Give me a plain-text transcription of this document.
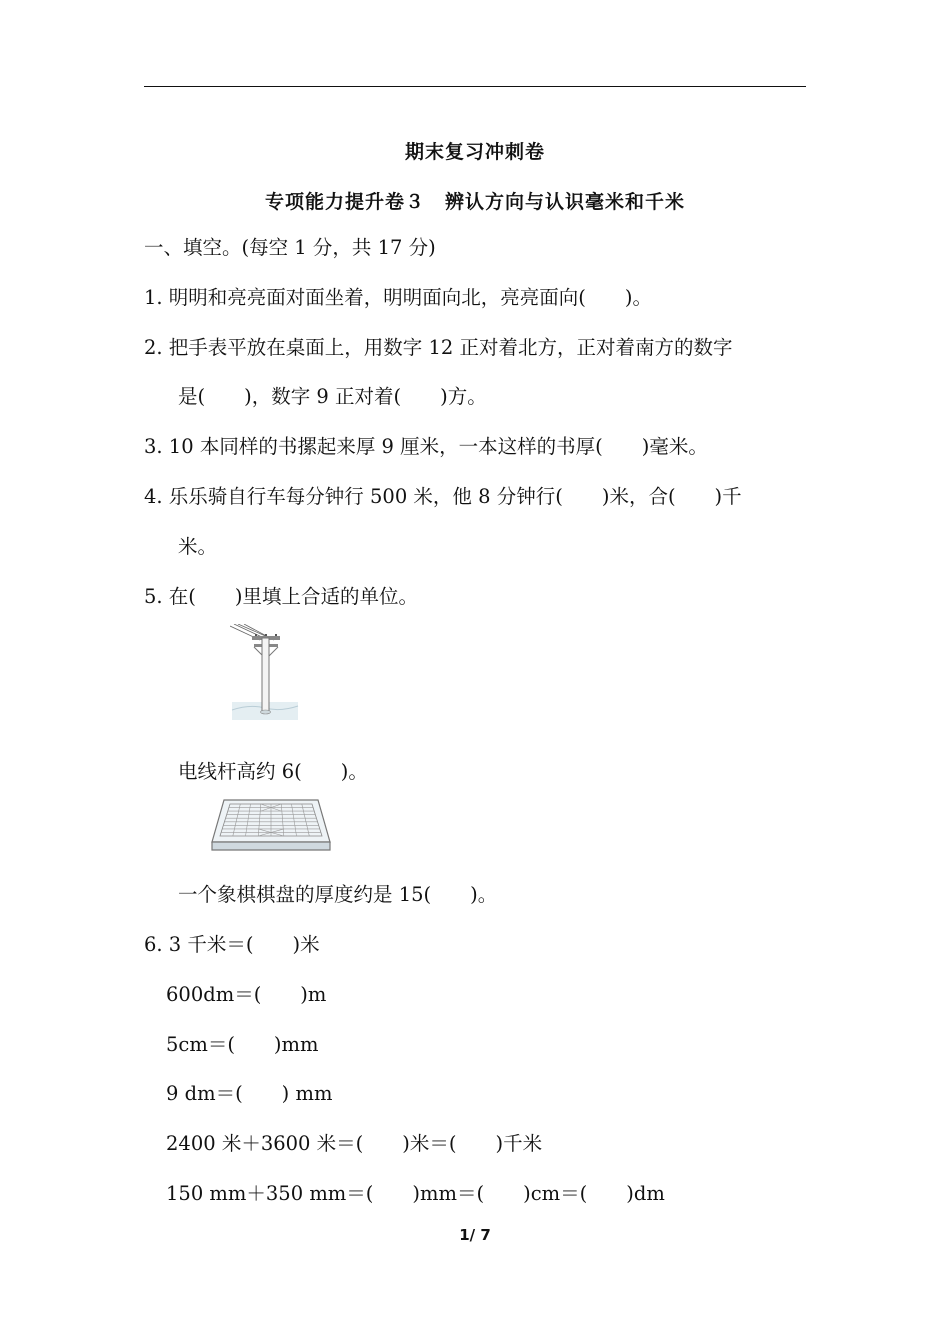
期末复习冲刺卷
专项能力提升卷３　辨认方向与认识毫米和千米
一、填空。(每空 1 分，共 17 分)
1. 明明和亮亮面对面坐着，明明面向北，亮亮面向(　　)。
2. 把手表平放在桌面上，用数字 12 正对着北方，正对着南方的数字
是(　　)，数字 9 正对着(　　)方。
3. 10 本同样的书摞起来厚 9 厘米，一本这样的书厚(　　)毫米。
4. 乐乐骑自行车每分钟行 500 米，他 8 分钟行(　　)米，合(　　)千
米。
5. 在(　　)里填上合适的单位。
电线杆高约 6(　　)。
一个象棋棋盘的厚度约是 15(　　)。
6. 3 千米＝(　　)米
600dm＝(　　)m
5cm＝(　　)mm
9 dm＝(　　) mm
2400 米＋3600 米＝(　　)米＝(　　)千米
150 mm＋350 mm＝(　　)mm＝(　　)cm＝(　　)dm
1/ 7
